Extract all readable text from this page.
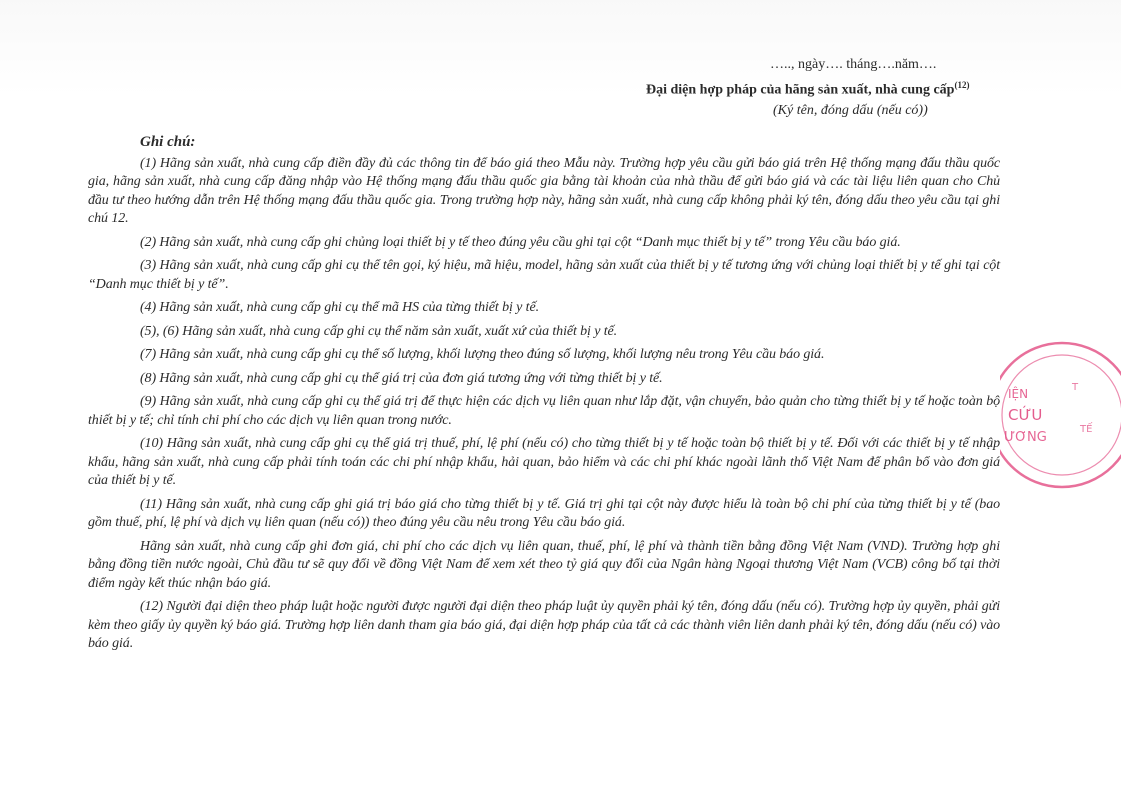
….., ngày…. tháng….năm….
Đại diện hợp pháp của hãng sản xuất, nhà cung cấp$^{(12)}$
(Ký tên, đóng dấu (nếu có))
Ghi chú:

(1) Hãng sản xuất, nhà cung cấp điền đầy đủ các thông tin để báo giá theo Mẫu này. Trường hợp yêu cầu gửi báo giá trên Hệ thống mạng đấu thầu quốc gia, hãng sản xuất, nhà cung cấp đăng nhập vào Hệ thống mạng đấu thầu quốc gia bằng tài khoản của nhà thầu để gửi báo giá và các tài liệu liên quan cho Chủ đầu tư theo hướng dẫn trên Hệ thống mạng đấu thầu quốc gia. Trong trường hợp này, hãng sản xuất, nhà cung cấp không phải ký tên, đóng dấu theo yêu cầu tại ghi chú 12.

(2) Hãng sản xuất, nhà cung cấp ghi chủng loại thiết bị y tế theo đúng yêu cầu ghi tại cột “Danh mục thiết bị y tế” trong Yêu cầu báo giá.

(3) Hãng sản xuất, nhà cung cấp ghi cụ thể tên gọi, ký hiệu, mã hiệu, model, hãng sản xuất của thiết bị y tế tương ứng với chủng loại thiết bị y tế ghi tại cột “Danh mục thiết bị y tế”.

(4) Hãng sản xuất, nhà cung cấp ghi cụ thể mã HS của từng thiết bị y tế.

(5), (6) Hãng sản xuất, nhà cung cấp ghi cụ thể năm sản xuất, xuất xứ của thiết bị y tế.

(7) Hãng sản xuất, nhà cung cấp ghi cụ thể số lượng, khối lượng theo đúng số lượng, khối lượng nêu trong Yêu cầu báo giá.

(8) Hãng sản xuất, nhà cung cấp ghi cụ thể giá trị của đơn giá tương ứng với từng thiết bị y tế.

(9) Hãng sản xuất, nhà cung cấp ghi cụ thể giá trị để thực hiện các dịch vụ liên quan như lắp đặt, vận chuyển, bảo quản cho từng thiết bị y tế hoặc toàn bộ thiết bị y tế; chỉ tính chi phí cho các dịch vụ liên quan trong nước.

(10) Hãng sản xuất, nhà cung cấp ghi cụ thể giá trị thuế, phí, lệ phí (nếu có) cho từng thiết bị y tế hoặc toàn bộ thiết bị y tế. Đối với các thiết bị y tế nhập khẩu, hãng sản xuất, nhà cung cấp phải tính toán các chi phí nhập khẩu, hải quan, bảo hiểm và các chi phí khác ngoài lãnh thổ Việt Nam để phân bổ vào đơn giá của thiết bị y tế.

(11) Hãng sản xuất, nhà cung cấp ghi giá trị báo giá cho từng thiết bị y tế. Giá trị ghi tại cột này được hiểu là toàn bộ chi phí của từng thiết bị y tế (bao gồm thuế, phí, lệ phí và dịch vụ liên quan (nếu có)) theo đúng yêu cầu nêu trong Yêu cầu báo giá.

Hãng sản xuất, nhà cung cấp ghi đơn giá, chi phí cho các dịch vụ liên quan, thuế, phí, lệ phí và thành tiền bằng đồng Việt Nam (VND). Trường hợp ghi bằng đồng tiền nước ngoài, Chủ đầu tư sẽ quy đổi về đồng Việt Nam để xem xét theo tỷ giá quy đổi của Ngân hàng Ngoại thương Việt Nam (VCB) công bố tại thời điểm ngày kết thúc nhận báo giá.

(12) Người đại diện theo pháp luật hoặc người được người đại diện theo pháp luật ủy quyền phải ký tên, đóng dấu (nếu có). Trường hợp ủy quyền, phải gửi kèm theo giấy ủy quyền ký báo giá. Trường hợp liên danh tham gia báo giá, đại diện hợp pháp của tất cả các thành viên liên danh phải ký tên, đóng dấu (nếu có) vào báo giá.

IỆN
CỨU
ƯƠNG
T
TẾ
